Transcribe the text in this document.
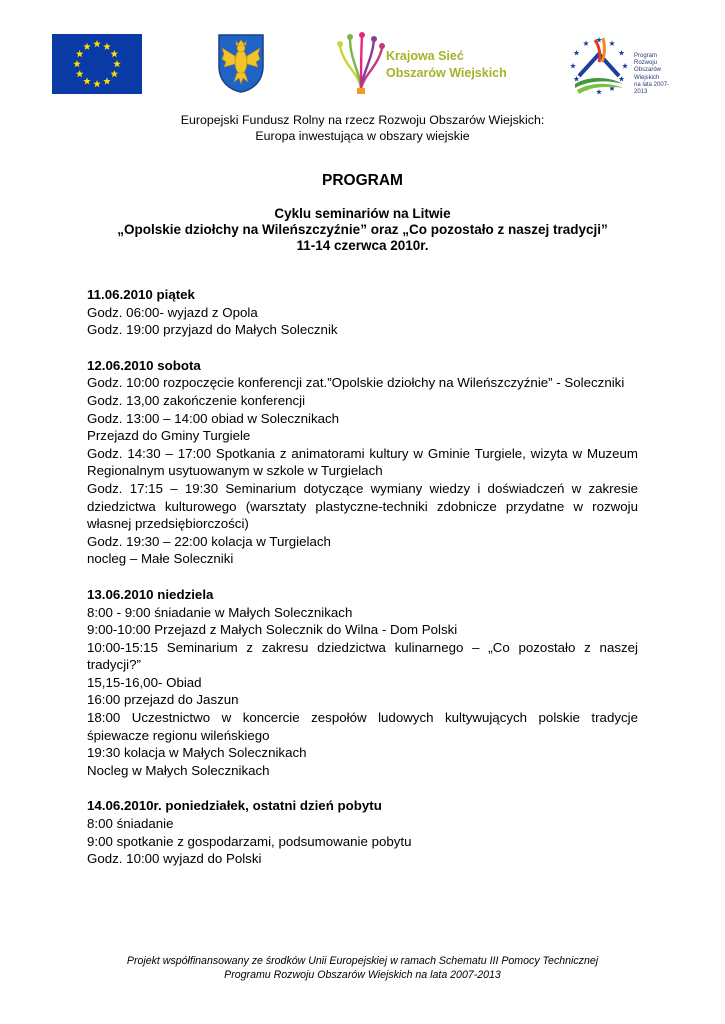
Krajowa Sieć
Obszarów Wiejskich
Program
Rozwoju
Obszarów
Wiejskich
na lata 2007-2013
Europejski Fundusz Rolny na rzecz Rozwoju Obszarów Wiejskich:
Europa inwestująca w obszary wiejskie
PROGRAM
Cyklu seminariów na Litwie
„Opolskie dziołchy na Wileńszczyźnie” oraz „Co pozostało z naszej tradycji”
11-14 czerwca 2010r.
11.06.2010 piątek
Godz. 06:00- wyjazd z Opola
Godz. 19:00 przyjazd do Małych Solecznik
12.06.2010 sobota
Godz. 10:00 rozpoczęcie konferencji zat.”Opolskie dziołchy na Wileńszczyźnie” - Soleczniki
Godz. 13,00 zakończenie konferencji
Godz. 13:00 – 14:00 obiad w Solecznikach
Przejazd do Gminy Turgiele
Godz. 14:30 – 17:00 Spotkania z animatorami kultury w Gminie Turgiele, wizyta w Muzeum Regionalnym usytuowanym w szkole w Turgielach
Godz. 17:15 – 19:30 Seminarium dotyczące wymiany wiedzy i doświadczeń w zakresie dziedzictwa kulturowego (warsztaty plastyczne-techniki zdobnicze przydatne w rozwoju własnej przedsiębiorczości)
Godz. 19:30 – 22:00 kolacja w Turgielach
nocleg – Małe Soleczniki
13.06.2010 niedziela
8:00 - 9:00 śniadanie w Małych Solecznikach
9:00-10:00 Przejazd z Małych Solecznik do Wilna - Dom Polski
10:00-15:15 Seminarium z zakresu dziedzictwa kulinarnego – „Co pozostało z naszej tradycji?”
15,15-16,00- Obiad
16:00 przejazd do Jaszun
18:00 Uczestnictwo w koncercie zespołów ludowych kultywujących polskie tradycje śpiewacze regionu wileńskiego
19:30 kolacja w Małych Solecznikach
Nocleg w Małych Solecznikach
14.06.2010r. poniedziałek, ostatni dzień pobytu
8:00 śniadanie
9:00 spotkanie z gospodarzami, podsumowanie pobytu
Godz. 10:00 wyjazd do Polski
Projekt współfinansowany ze środków Unii Europejskiej w ramach Schematu III Pomocy Technicznej
Programu Rozwoju Obszarów Wiejskich na lata 2007-2013
